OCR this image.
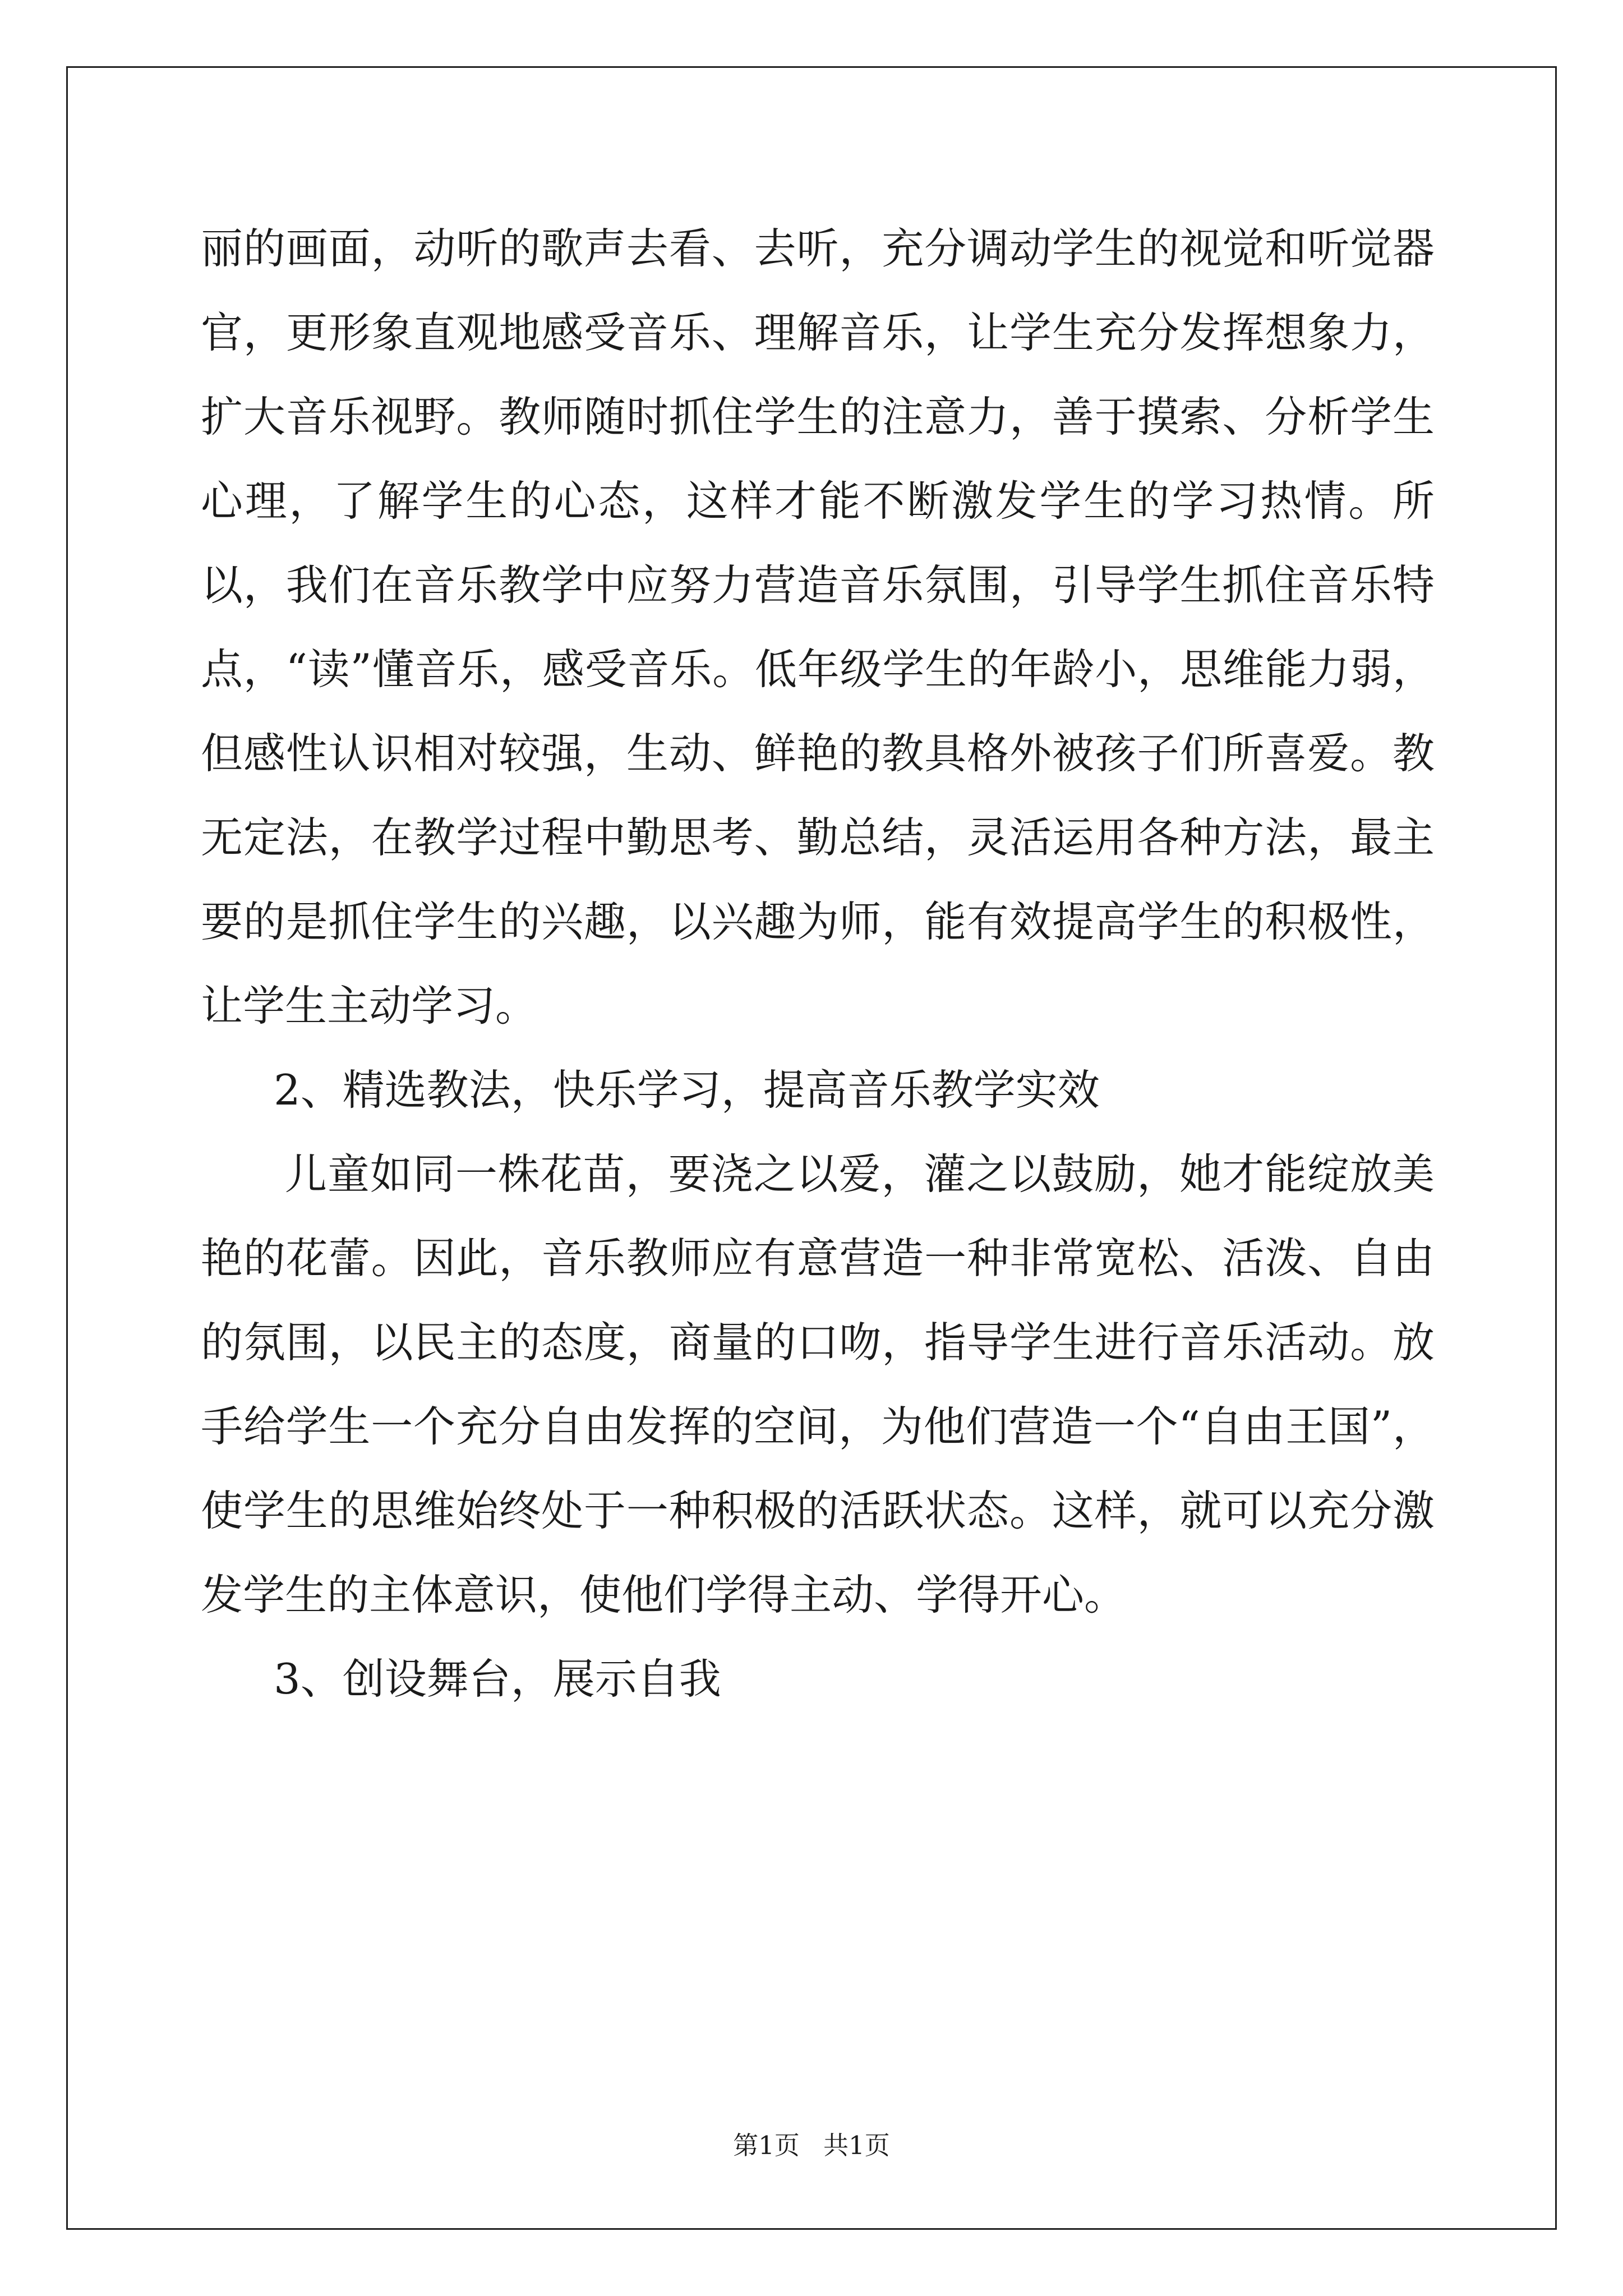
丽的画面，动听的歌声去看、去听，充分调动学生的视觉和听觉器官，更形象直观地感受音乐、理解音乐，让学生充分发挥想象力，扩大音乐视野。教师随时抓住学生的注意力，善于摸索、分析学生心理，了解学生的心态，这样才能不断激发学生的学习热情。所以，我们在音乐教学中应努力营造音乐氛围，引导学生抓住音乐特点，“读”懂音乐，感受音乐。低年级学生的年龄小，思维能力弱，但感性认识相对较强，生动、鲜艳的教具格外被孩子们所喜爱。教无定法，在教学过程中勤思考、勤总结，灵活运用各种方法，最主要的是抓住学生的兴趣，以兴趣为师，能有效提高学生的积极性，让学生主动学习。

2、精选教法，快乐学习，提高音乐教学实效

儿童如同一株花苗，要浇之以爱，灌之以鼓励，她才能绽放美艳的花蕾。因此，音乐教师应有意营造一种非常宽松、活泼、自由的氛围，以民主的态度，商量的口吻，指导学生进行音乐活动。放手给学生一个充分自由发挥的空间，为他们营造一个“自由王国”，使学生的思维始终处于一种积极的活跃状态。这样，就可以充分激发学生的主体意识，使他们学得主动、学得开心。

3、创设舞台，展示自我

第1页 共1页
